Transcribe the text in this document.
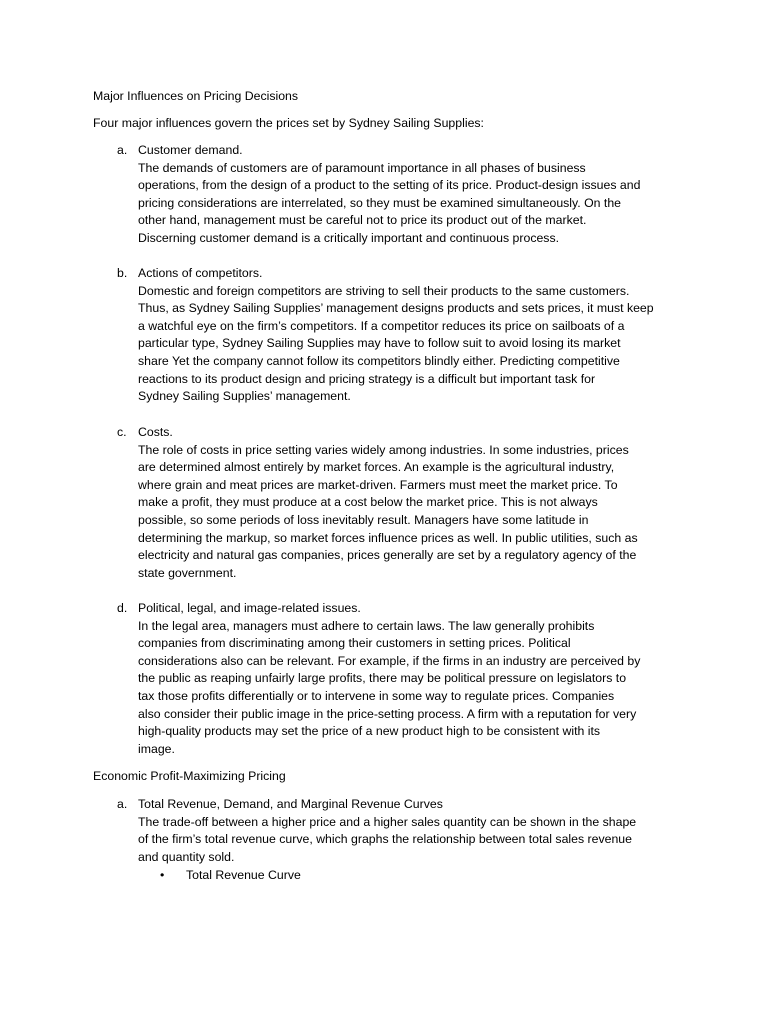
Major Influences on Pricing Decisions
Four major influences govern the prices set by Sydney Sailing Supplies:
a. Customer demand.
The demands of customers are of paramount importance in all phases of business
operations, from the design of a product to the setting of its price. Product-design issues and
pricing considerations are interrelated, so they must be examined simultaneously. On the
other hand, management must be careful not to price its product out of the market.
Discerning customer demand is a critically important and continuous process.
b. Actions of competitors.
Domestic and foreign competitors are striving to sell their products to the same customers.
Thus, as Sydney Sailing Supplies’ management designs products and sets prices, it must keep
a watchful eye on the firm’s competitors. If a competitor reduces its price on sailboats of a
particular type, Sydney Sailing Supplies may have to follow suit to avoid losing its market
share Yet the company cannot follow its competitors blindly either. Predicting competitive
reactions to its product design and pricing strategy is a difficult but important task for
Sydney Sailing Supplies’ management.
c. Costs.
The role of costs in price setting varies widely among industries. In some industries, prices
are determined almost entirely by market forces. An example is the agricultural industry,
where grain and meat prices are market-driven. Farmers must meet the market price. To
make a profit, they must produce at a cost below the market price. This is not always
possible, so some periods of loss inevitably result. Managers have some latitude in
determining the markup, so market forces influence prices as well. In public utilities, such as
electricity and natural gas companies, prices generally are set by a regulatory agency of the
state government.
d. Political, legal, and image-related issues.
In the legal area, managers must adhere to certain laws. The law generally prohibits
companies from discriminating among their customers in setting prices. Political
considerations also can be relevant. For example, if the firms in an industry are perceived by
the public as reaping unfairly large profits, there may be political pressure on legislators to
tax those profits differentially or to intervene in some way to regulate prices. Companies
also consider their public image in the price-setting process. A firm with a reputation for very
high-quality products may set the price of a new product high to be consistent with its
image.
Economic Profit-Maximizing Pricing
a. Total Revenue, Demand, and Marginal Revenue Curves
The trade-off between a higher price and a higher sales quantity can be shown in the shape
of the firm’s total revenue curve, which graphs the relationship between total sales revenue
and quantity sold.
• Total Revenue Curve
